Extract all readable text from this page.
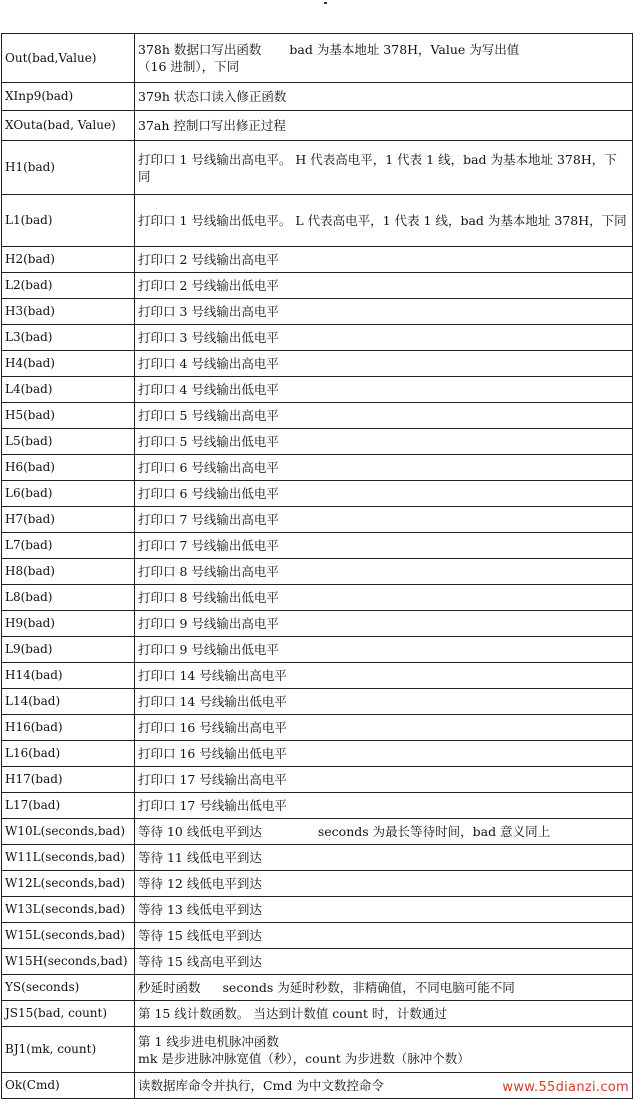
Out(bad,Value)	378h 数据口写出函数 bad 为基本地址 378H，Value 为写出值
（16 进制），下同
XInp9(bad)	379h 状态口读入修正函数
XOuta(bad, Value)	37ah 控制口写出修正过程
H1(bad)	打印口 1 号线输出高电平。 H 代表高电平，1 代表 1 线，bad 为基本地址 378H，下同
L1(bad)	打印口 1 号线输出低电平。 L 代表高电平，1 代表 1 线，bad 为基本地址 378H，下同
H2(bad)	打印口 2 号线输出高电平
L2(bad)	打印口 2 号线输出低电平
H3(bad)	打印口 3 号线输出高电平
L3(bad)	打印口 3 号线输出低电平
H4(bad)	打印口 4 号线输出高电平
L4(bad)	打印口 4 号线输出低电平
H5(bad)	打印口 5 号线输出高电平
L5(bad)	打印口 5 号线输出低电平
H6(bad)	打印口 6 号线输出高电平
L6(bad)	打印口 6 号线输出低电平
H7(bad)	打印口 7 号线输出高电平
L7(bad)	打印口 7 号线输出低电平
H8(bad)	打印口 8 号线输出高电平
L8(bad)	打印口 8 号线输出低电平
H9(bad)	打印口 9 号线输出高电平
L9(bad)	打印口 9 号线输出低电平
H14(bad)	打印口 14 号线输出高电平
L14(bad)	打印口 14 号线输出低电平
H16(bad)	打印口 16 号线输出高电平
L16(bad)	打印口 16 号线输出低电平
H17(bad)	打印口 17 号线输出高电平
L17(bad)	打印口 17 号线输出低电平
W10L(seconds,bad)	等待 10 线低电平到达 seconds 为最长等待时间，bad 意义同上
W11L(seconds,bad)	等待 11 线低电平到达
W12L(seconds,bad)	等待 12 线低电平到达
W13L(seconds,bad)	等待 13 线低电平到达
W15L(seconds,bad)	等待 15 线低电平到达
W15H(seconds,bad)	等待 15 线高电平到达
YS(seconds)	秒延时函数 seconds 为延时秒数，非精确值，不同电脑可能不同
JS15(bad, count)	第 15 线计数函数。 当达到计数值 count 时，计数通过
BJ1(mk, count)	第 1 线步进电机脉冲函数
mk 是步进脉冲脉宽值（秒），count 为步进数（脉冲个数）
Ok(Cmd)	读数据库命令并执行，Cmd 为中文数控命令	www.55dianzi.com
